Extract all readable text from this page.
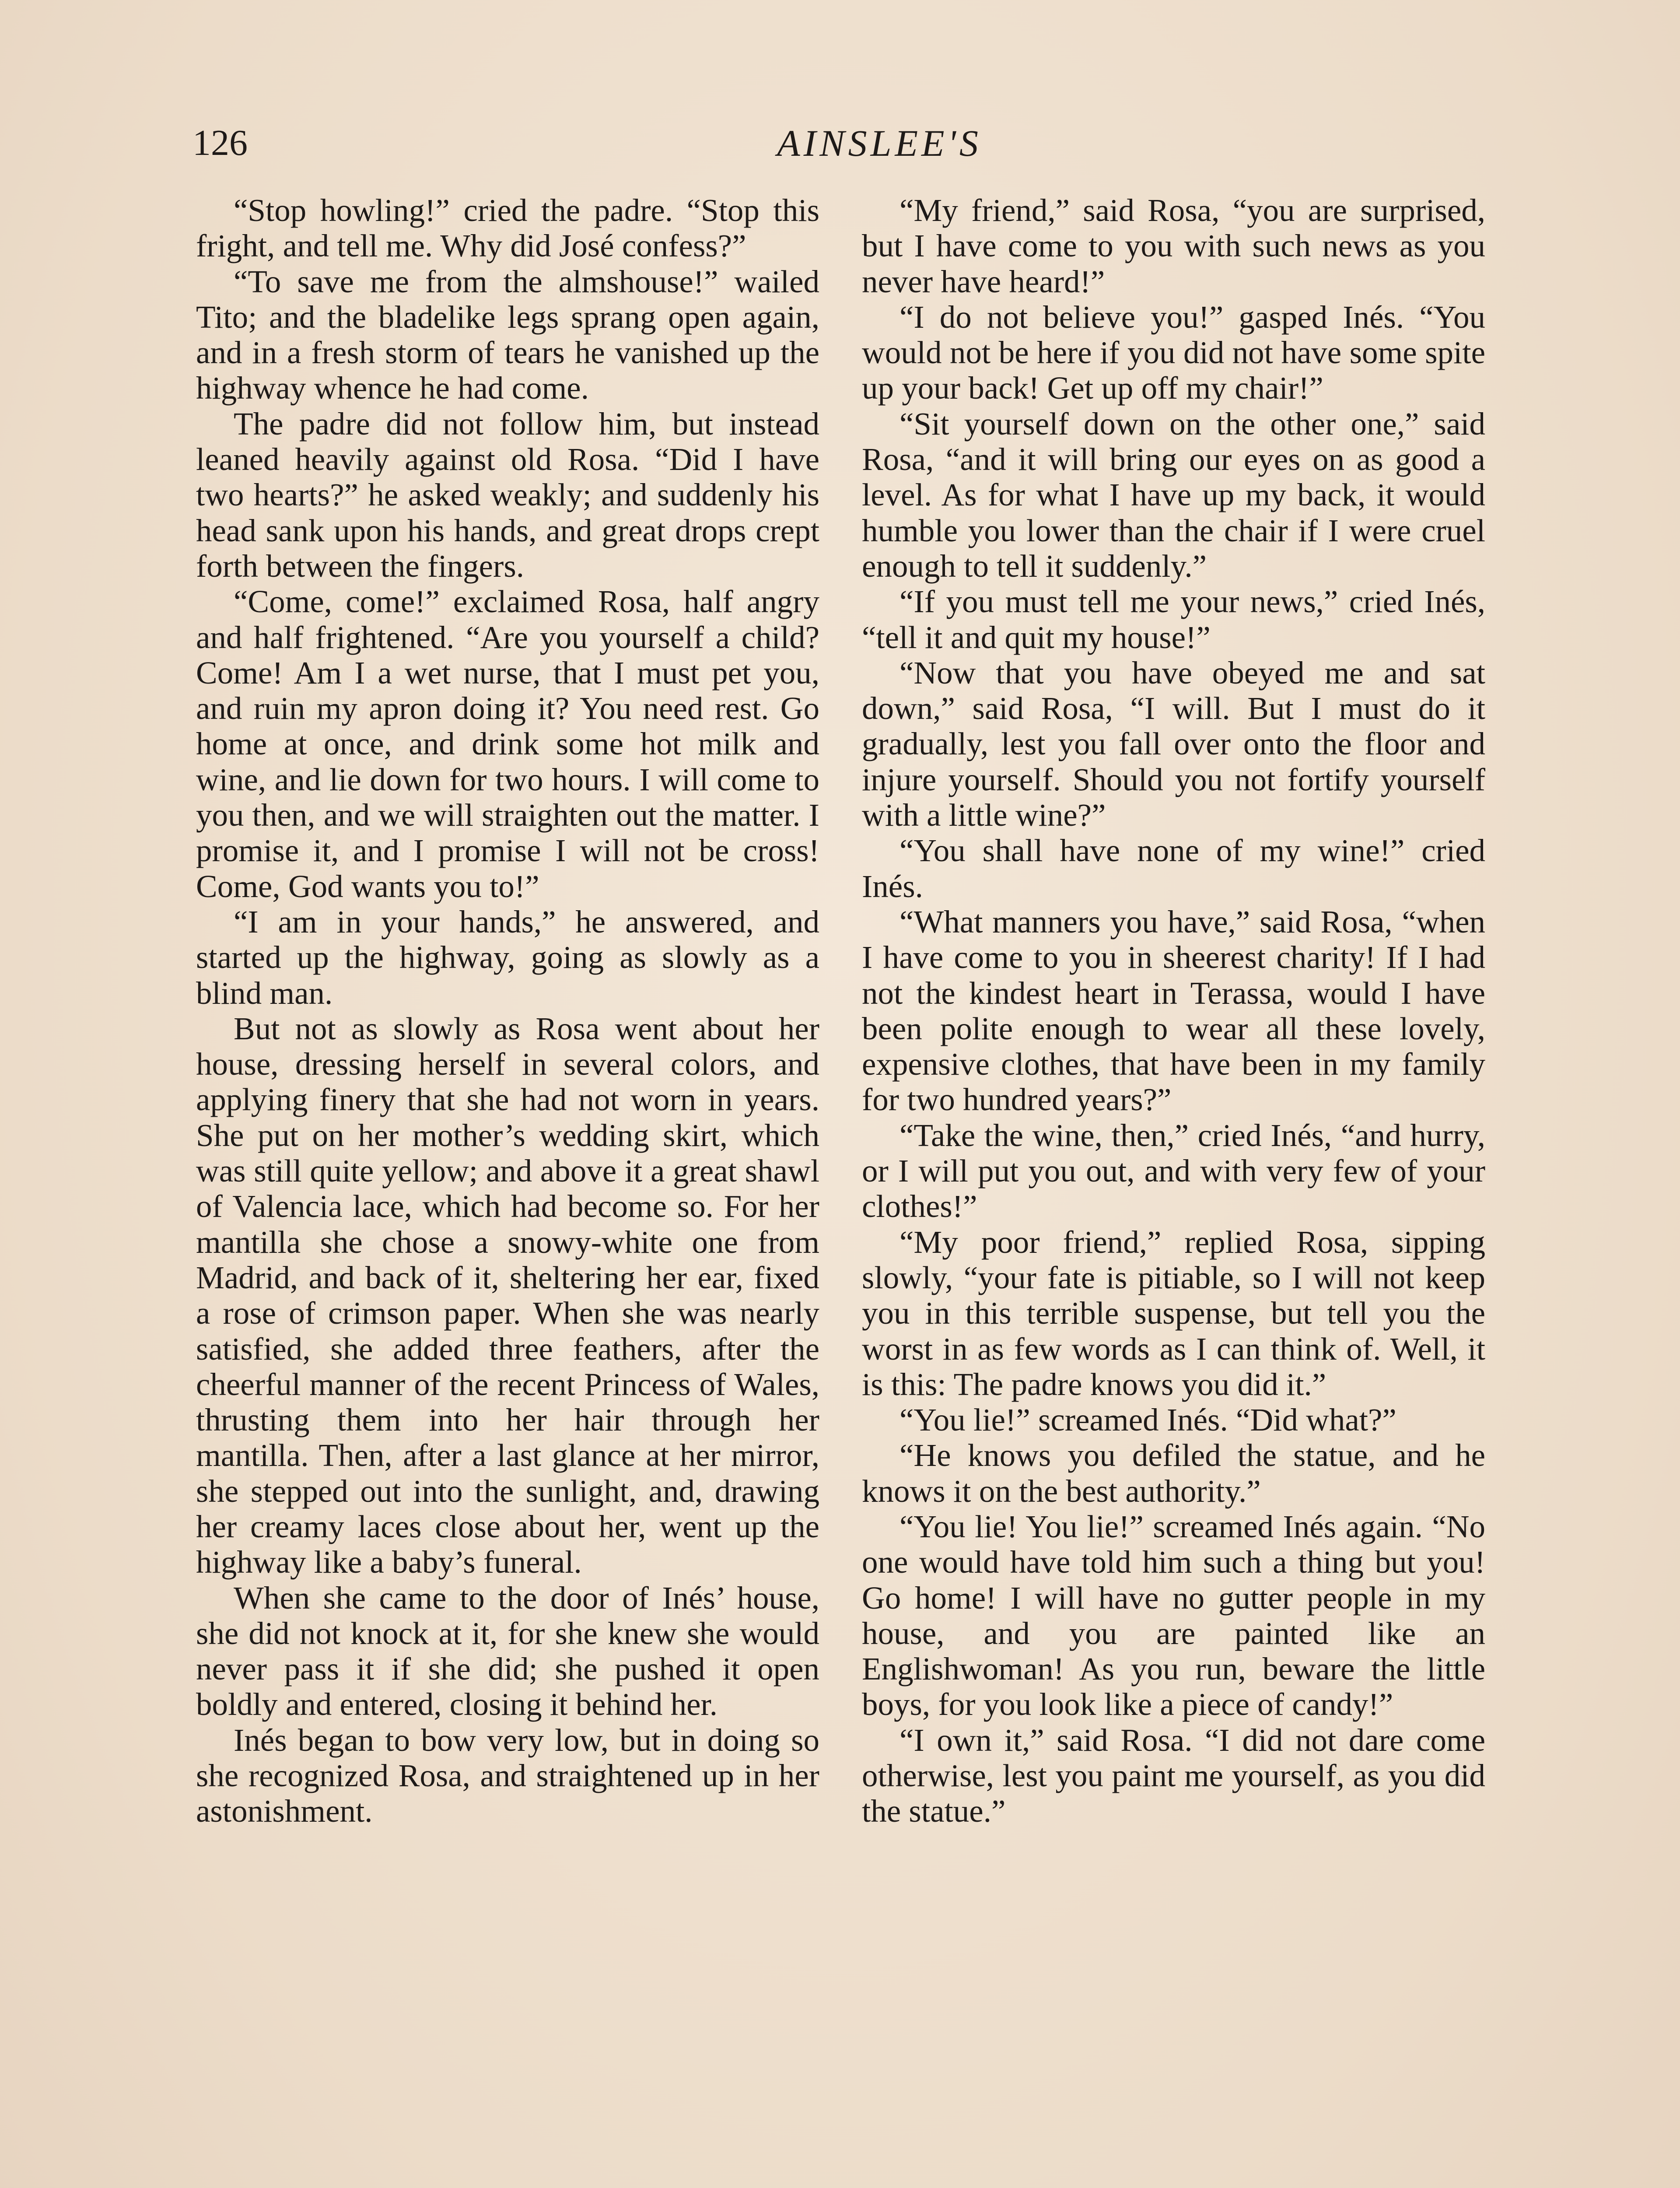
126	AINSLEE'S

“Stop howling!” cried the padre. “Stop this fright, and tell me. Why did José confess?”

“To save me from the almshouse!” wailed Tito; and the bladelike legs sprang open again, and in a fresh storm of tears he vanished up the highway whence he had come.

The padre did not follow him, but instead leaned heavily against old Rosa. “Did I have two hearts?” he asked weakly; and suddenly his head sank upon his hands, and great drops crept forth between the fingers.

“Come, come!” exclaimed Rosa, half angry and half frightened. “Are you yourself a child? Come! Am I a wet nurse, that I must pet you, and ruin my apron doing it? You need rest. Go home at once, and drink some hot milk and wine, and lie down for two hours. I will come to you then, and we will straighten out the matter. I promise it, and I promise I will not be cross! Come, God wants you to!”

“I am in your hands,” he answered, and started up the highway, going as slowly as a blind man.

But not as slowly as Rosa went about her house, dressing herself in several colors, and applying finery that she had not worn in years. She put on her mother’s wedding skirt, which was still quite yellow; and above it a great shawl of Valencia lace, which had become so. For her mantilla she chose a snowy-white one from Madrid, and back of it, sheltering her ear, fixed a rose of crimson paper. When she was nearly satisfied, she added three feathers, after the cheerful manner of the recent Princess of Wales, thrusting them into her hair through her mantilla. Then, after a last glance at her mirror, she stepped out into the sunlight, and, drawing her creamy laces close about her, went up the highway like a baby’s funeral.

When she came to the door of Inés’ house, she did not knock at it, for she knew she would never pass it if she did; she pushed it open boldly and entered, closing it behind her.

Inés began to bow very low, but in doing so she recognized Rosa, and straightened up in her astonishment.

“My friend,” said Rosa, “you are surprised, but I have come to you with such news as you never have heard!”

“I do not believe you!” gasped Inés. “You would not be here if you did not have some spite up your back! Get up off my chair!”

“Sit yourself down on the other one,” said Rosa, “and it will bring our eyes on as good a level. As for what I have up my back, it would humble you lower than the chair if I were cruel enough to tell it suddenly.”

“If you must tell me your news,” cried Inés, “tell it and quit my house!”

“Now that you have obeyed me and sat down,” said Rosa, “I will. But I must do it gradually, lest you fall over onto the floor and injure yourself. Should you not fortify yourself with a little wine?”

“You shall have none of my wine!” cried Inés.

“What manners you have,” said Rosa, “when I have come to you in sheerest charity! If I had not the kindest heart in Terassa, would I have been polite enough to wear all these lovely, expensive clothes, that have been in my family for two hundred years?”

“Take the wine, then,” cried Inés, “and hurry, or I will put you out, and with very few of your clothes!”

“My poor friend,” replied Rosa, sipping slowly, “your fate is pitiable, so I will not keep you in this terrible suspense, but tell you the worst in as few words as I can think of. Well, it is this: The padre knows you did it.”

“You lie!” screamed Inés. “Did what?”

“He knows you defiled the statue, and he knows it on the best authority.”

“You lie! You lie!” screamed Inés again. “No one would have told him such a thing but you! Go home! I will have no gutter people in my house, and you are painted like an Englishwoman! As you run, beware the little boys, for you look like a piece of candy!”

“I own it,” said Rosa. “I did not dare come otherwise, lest you paint me yourself, as you did the statue.”
